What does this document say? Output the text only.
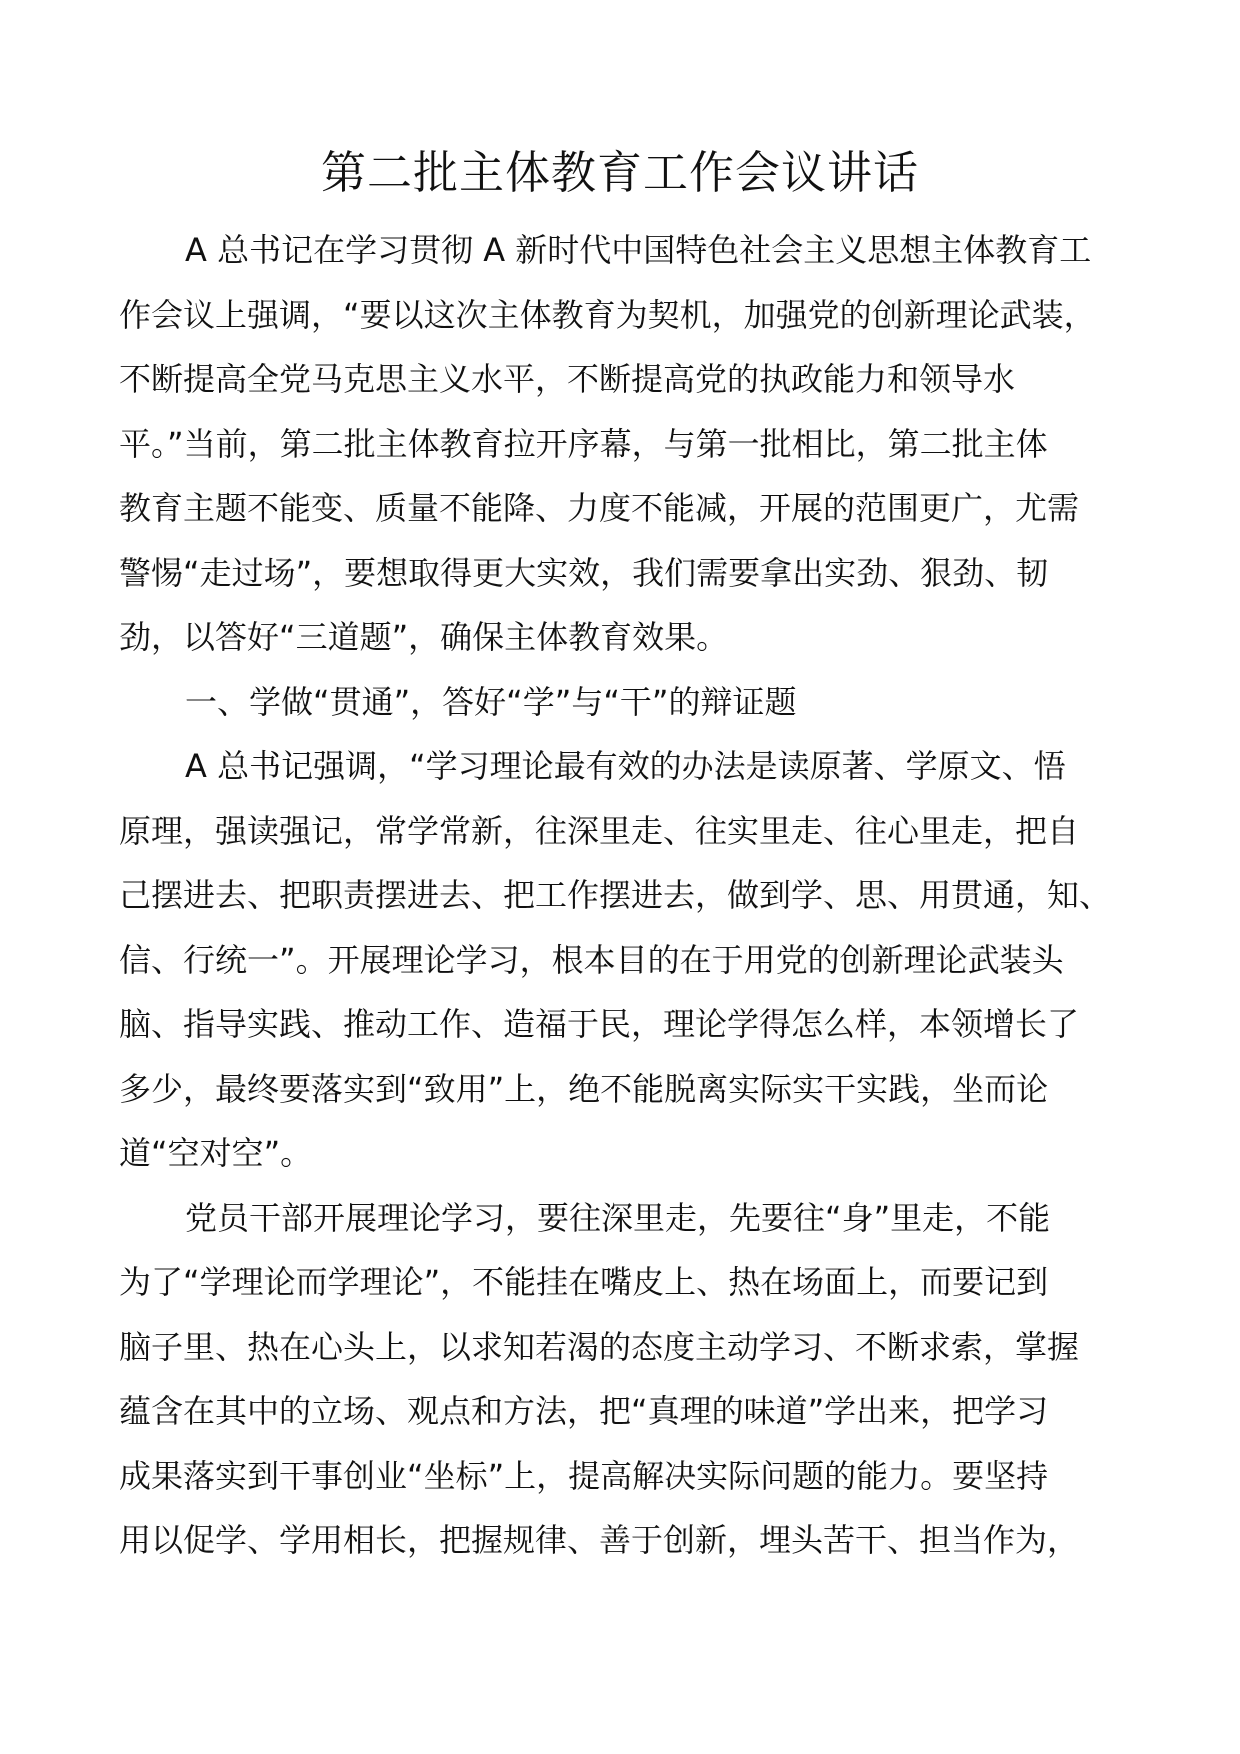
第二批主体教育工作会议讲话

A 总书记在学习贯彻 A 新时代中国特色社会主义思想主体教育工
作会议上强调，“要以这次主体教育为契机，加强党的创新理论武装，
不断提高全党马克思主义水平，不断提高党的执政能力和领导水
平。”当前，第二批主体教育拉开序幕，与第一批相比，第二批主体
教育主题不能变、质量不能降、力度不能减，开展的范围更广，尤需
警惕“走过场”，要想取得更大实效，我们需要拿出实劲、狠劲、韧
劲，以答好“三道题”，确保主体教育效果。

一、学做“贯通”，答好“学”与“干”的辩证题

A 总书记强调，“学习理论最有效的办法是读原著、学原文、悟
原理，强读强记，常学常新，往深里走、往实里走、往心里走，把自
己摆进去、把职责摆进去、把工作摆进去，做到学、思、用贯通，知、
信、行统一”。开展理论学习，根本目的在于用党的创新理论武装头
脑、指导实践、推动工作、造福于民，理论学得怎么样，本领增长了
多少，最终要落实到“致用”上，绝不能脱离实际实干实践，坐而论
道“空对空”。

党员干部开展理论学习，要往深里走，先要往“身”里走，不能
为了“学理论而学理论”，不能挂在嘴皮上、热在场面上，而要记到
脑子里、热在心头上，以求知若渴的态度主动学习、不断求索，掌握
蕴含在其中的立场、观点和方法，把“真理的味道”学出来，把学习
成果落实到干事创业“坐标”上，提高解决实际问题的能力。要坚持
用以促学、学用相长，把握规律、善于创新，埋头苦干、担当作为，
